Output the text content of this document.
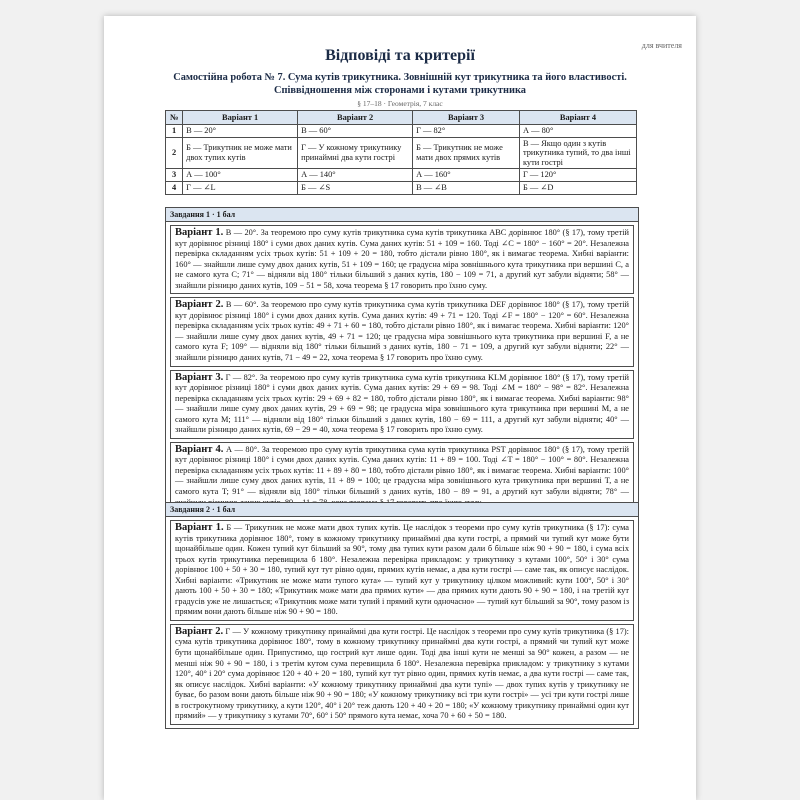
для вчителя
Відповіді та критерії
Самостійна робота № 7. Сума кутів трикутника. Зовнішній кут трикутника та його властивості. Співвідношення між сторонами і кутами трикутника
§ 17–18 · Геометрія, 7 клас
№	Варіант 1	Варіант 2	Варіант 3	Варіант 4
1	В — 20°	В — 60°	Г — 82°	А — 80°
2	Б — Трикутник не може мати двох тупих кутів	Г — У кожному трикутнику принаймні два кути гострі	Б — Трикутник не може мати двох прямих кутів	В — Якщо один з кутів трикутника тупий, то два інші кути гострі
3	А — 100°	А — 140°	А — 160°	Г — 120°
4	Г — ∠L	Б — ∠S	В — ∠B	Б — ∠D
Завдання 1 · 1 бал
Варіант 1. В — 20°. За теоремою про суму кутів трикутника сума кутів трикутника ABC дорівнює 180° (§ 17), тому третій кут дорівнює різниці 180° і суми двох даних кутів. Сума даних кутів: 51 + 109 = 160. Тоді ∠C = 180° − 160° = 20°. Незалежна перевірка складанням усіх трьох кутів: 51 + 109 + 20 = 180, тобто дістали рівно 180°, як і вимагає теорема. Хибні варіанти: 160° — знайшли лише суму двох даних кутів, 51 + 109 = 160; це градусна міра зовнішнього кута трикутника при вершині C, а не самого кута C; 71° — відняли від 180° тільки більший з даних кутів, 180 − 109 = 71, а другий кут забули відняти; 58° — знайшли різницю даних кутів, 109 − 51 = 58, хоча теорема § 17 говорить про їхню суму.
Варіант 2. В — 60°. За теоремою про суму кутів трикутника сума кутів трикутника DEF дорівнює 180° (§ 17), тому третій кут дорівнює різниці 180° і суми двох даних кутів. Сума даних кутів: 49 + 71 = 120. Тоді ∠F = 180° − 120° = 60°. Незалежна перевірка складанням усіх трьох кутів: 49 + 71 + 60 = 180, тобто дістали рівно 180°, як і вимагає теорема. Хибні варіанти: 120° — знайшли лише суму двох даних кутів, 49 + 71 = 120; це градусна міра зовнішнього кута трикутника при вершині F, а не самого кута F; 109° — відняли від 180° тільки більший з даних кутів, 180 − 71 = 109, а другий кут забули відняти; 22° — знайшли різницю даних кутів, 71 − 49 = 22, хоча теорема § 17 говорить про їхню суму.
Варіант 3. Г — 82°. За теоремою про суму кутів трикутника сума кутів трикутника KLM дорівнює 180° (§ 17), тому третій кут дорівнює різниці 180° і суми двох даних кутів. Сума даних кутів: 29 + 69 = 98. Тоді ∠M = 180° − 98° = 82°. Незалежна перевірка складанням усіх трьох кутів: 29 + 69 + 82 = 180, тобто дістали рівно 180°, як і вимагає теорема. Хибні варіанти: 98° — знайшли лише суму двох даних кутів, 29 + 69 = 98; це градусна міра зовнішнього кута трикутника при вершині M, а не самого кута M; 111° — відняли від 180° тільки більший з даних кутів, 180 − 69 = 111, а другий кут забули відняти; 40° — знайшли різницю даних кутів, 69 − 29 = 40, хоча теорема § 17 говорить про їхню суму.
Варіант 4. А — 80°. За теоремою про суму кутів трикутника сума кутів трикутника PST дорівнює 180° (§ 17), тому третій кут дорівнює різниці 180° і суми двох даних кутів. Сума даних кутів: 11 + 89 = 100. Тоді ∠T = 180° − 100° = 80°. Незалежна перевірка складанням усіх трьох кутів: 11 + 89 + 80 = 180, тобто дістали рівно 180°, як і вимагає теорема. Хибні варіанти: 100° — знайшли лише суму двох даних кутів, 11 + 89 = 100; це градусна міра зовнішнього кута трикутника при вершині T, а не самого кута T; 91° — відняли від 180° тільки більший з даних кутів, 180 − 89 = 91, а другий кут забули відняти; 78° —
Завдання 2 · 1 бал
Варіант 1. Б — Трикутник не може мати двох тупих кутів. Це наслідок з теореми про суму кутів трикутника (§ 17): сума кутів трикутника дорівнює 180°, тому в кожному трикутнику принаймні два кути гострі, а прямий чи тупий кут може бути щонайбільше один. Кожен тупий кут більший за 90°, тому два тупих кути разом дали б більше ніж 90 + 90 = 180, і сума всіх трьох кутів трикутника перевищила б 180°. Незалежна перевірка прикладом: у трикутнику з кутами 100°, 50° і 30° сума дорівнює 100 + 50 + 30 = 180, тупий кут тут рівно один, прямих кутів немає, а два кути гострі — саме так, як описує наслідок. Хибні варіанти: «Трикутник не може мати тупого кута» — тупий кут у трикутнику цілком можливий: кути 100°, 50° і 30° дають 100 + 50 + 30 = 180; «Трикутник може мати два прямих кути» — два прямих кути дають 90 + 90 = 180, і на третій кут градусів уже не лишається; «Трикутник може мати тупий і прямий кути одночасно» — тупий кут більший за 90°, тому разом із прямим вони дають більше ніж 90 + 90 = 180.
Варіант 2. Г — У кожному трикутнику принаймні два кути гострі. Це наслідок з теореми про суму кутів трикутника (§ 17): сума кутів трикутника дорівнює 180°, тому в кожному трикутнику принаймні два кути гострі, а прямий чи тупий кут може бути щонайбільше один. Припустимо, що гострий кут лише один. Тоді два інші кути не менші за 90° кожен, а разом — не менші ніж 90 + 90 = 180, і з третім кутом сума перевищила б 180°. Незалежна перевірка прикладом: у трикутнику з кутами 120°, 40° і 20° сума дорівнює 120 + 40 + 20 = 180, тупий кут тут рівно один, прямих кутів немає, а два кути гострі — саме так, як описує наслідок. Хибні варіанти: «У кожному трикутнику принаймні два кути тупі» — двох тупих кутів у трикутнику не буває, бо разом вони дають більше ніж 90 + 90 = 180; «У кожному трикутнику всі три кути гострі» — усі три кути гострі лише в гострокутному трикутнику, а кути 120°, 40° і 20° теж дають 120 + 40 + 20 = 180; «У кожному трикутнику принаймні один кут прямий» — у трикутнику з кутами 70°, 60° і 50° прямого кута немає, хоча 70 + 60 + 50 = 180.
